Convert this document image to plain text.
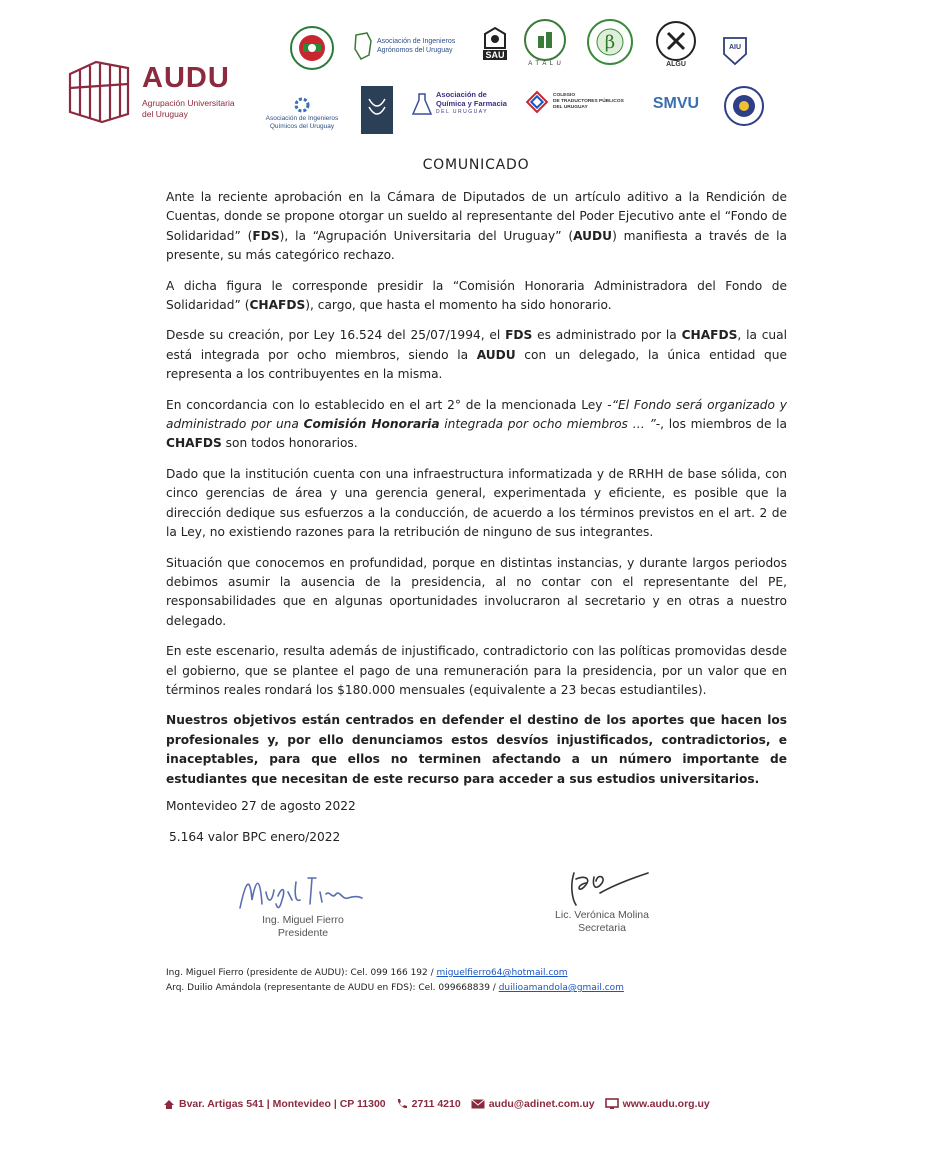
AUDU
Agrupación Universitaria
del Uruguay
Asociación de Ingenieros
Agrónomos del Uruguay	SAU
A T A L U
β
ALGU
AIU
Asociación de Ingenieros
Químicos del Uruguay
Asociación de
Química y Farmacia
DEL URUGUAY
COLEGIO
DE TRADUCTORES PÚBLICOS
DEL URUGUAY	SMVU
COMUNICADO

Ante la reciente aprobación en la Cámara de Diputados de un artículo aditivo a la Rendición de Cuentas, donde se propone otorgar un sueldo al representante del Poder Ejecutivo ante el “Fondo de Solidaridad” (FDS), la “Agrupación Universitaria del Uruguay” (AUDU) manifiesta a través de la presente, su más categórico rechazo.

A dicha figura le corresponde presidir la “Comisión Honoraria Administradora del Fondo de Solidaridad” (CHAFDS), cargo, que hasta el momento ha sido honorario.

Desde su creación, por Ley 16.524 del 25/07/1994, el FDS es administrado por la CHAFDS, la cual está integrada por ocho miembros, siendo la AUDU con un delegado, la única entidad que representa a los contribuyentes en la misma.

En concordancia con lo establecido en el art 2° de la mencionada Ley -“El Fondo será organizado y administrado por una Comisión Honoraria integrada por ocho miembros … ”-, los miembros de la CHAFDS son todos honorarios.

Dado que la institución cuenta con una infraestructura informatizada y de RRHH de base sólida, con cinco gerencias de área y una gerencia general, experimentada y eficiente, es posible que la dirección dedique sus esfuerzos a la conducción, de acuerdo a los términos previstos en el art. 2 de la Ley, no existiendo razones para la retribución de ninguno de sus integrantes.

Situación que conocemos en profundidad, porque en distintas instancias, y durante largos periodos debimos asumir la ausencia de la presidencia, al no contar con el representante del PE, responsabilidades que en algunas oportunidades involucraron al secretario y en otras a nuestro delegado.

En este escenario, resulta además de injustificado, contradictorio con las políticas promovidas desde el gobierno, que se plantee el pago de una remuneración para la presidencia, por un valor que en términos reales rondará los $180.000 mensuales (equivalente a 23 becas estudiantiles).

Nuestros objetivos están centrados en defender el destino de los aportes que hacen los profesionales y, por ello denunciamos estos desvíos injustificados, contradictorios, e inaceptables, para que ellos no terminen afectando a un número importante de estudiantes que necesitan de este recurso para acceder a sus estudios universitarios.

Montevideo 27 de agosto 2022
5.164 valor BPC enero/2022
Ing. Miguel Fierro
Presidente
Lic. Verónica Molina
Secretaria
Ing. Miguel Fierro (presidente de AUDU): Cel. 099 166 192 / miguelfierro64@hotmail.com
Arq. Duilio Amándola (representante de AUDU en FDS): Cel. 099668839 / duilioamandola@gmail.com
Bvar. Artigas 541 | Montevideo | CP 11300 2711 4210	audu@adinet.com.uy	www.audu.org.uy
